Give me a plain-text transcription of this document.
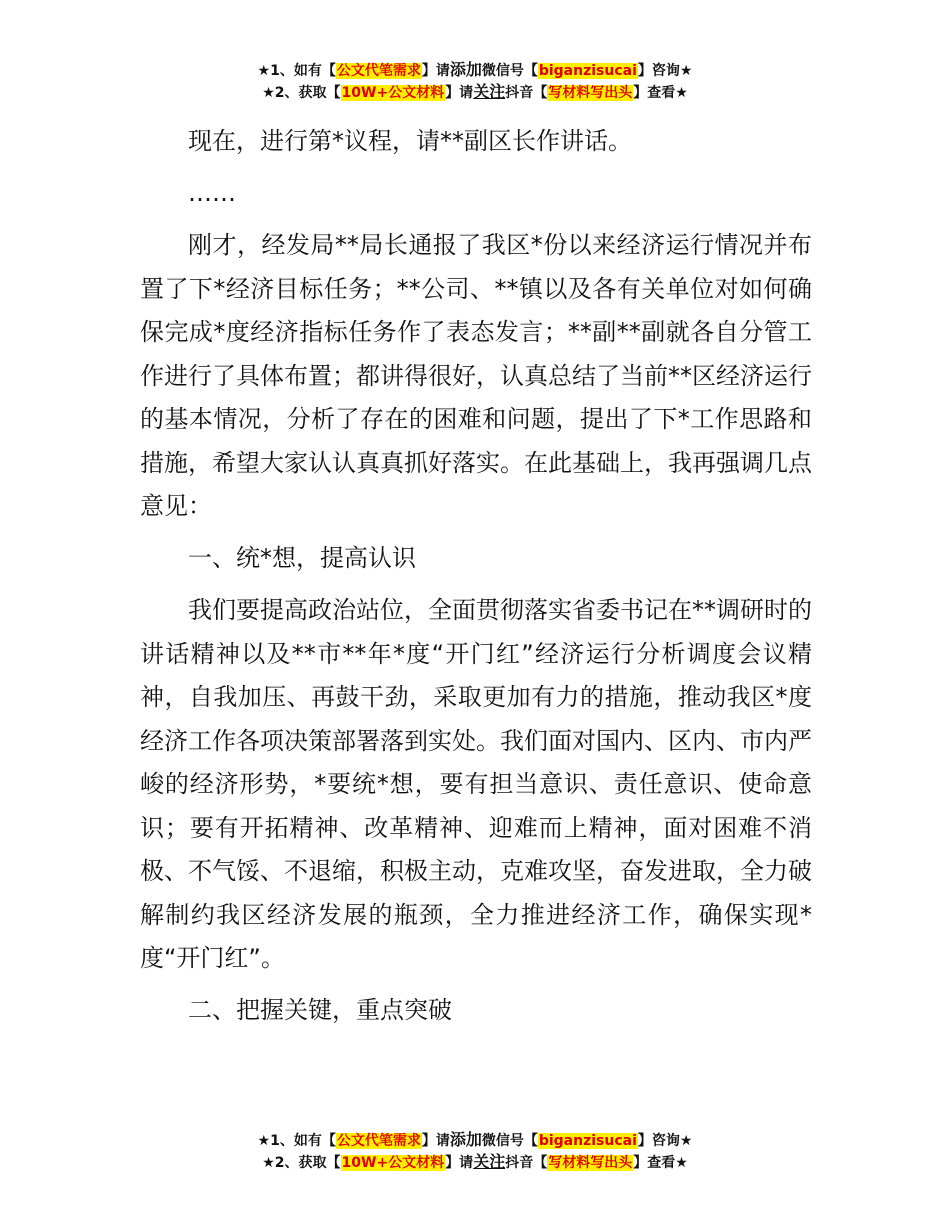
★1、如有【公文代笔需求】请添加微信号【biganzisucai】咨询★
★2、获取【10W+公文材料】请关注抖音【写材料写出头】查看★

现在，进行第*议程，请**副区长作讲话。

……

刚才，经发局**局长通报了我区*份以来经济运行情况并布置了下*经济目标任务；**公司、**镇以及各有关单位对如何确保完成*度经济指标任务作了表态发言；**副**副就各自分管工作进行了具体布置；都讲得很好，认真总结了当前**区经济运行的基本情况，分析了存在的困难和问题，提出了下*工作思路和措施，希望大家认认真真抓好落实。在此基础上，我再强调几点意见：

一、统*想，提高认识

我们要提高政治站位，全面贯彻落实省委书记在**调研时的讲话精神以及**市**年*度“开门红”经济运行分析调度会议精神，自我加压、再鼓干劲，采取更加有力的措施，推动我区*度经济工作各项决策部署落到实处。我们面对国内、区内、市内严峻的经济形势，*要统*想，要有担当意识、责任意识、使命意识；要有开拓精神、改革精神、迎难而上精神，面对困难不消极、不气馁、不退缩，积极主动，克难攻坚，奋发进取，全力破解制约我区经济发展的瓶颈，全力推进经济工作，确保实现*度“开门红”。

二、把握关键，重点突破

★1、如有【公文代笔需求】请添加微信号【biganzisucai】咨询★
★2、获取【10W+公文材料】请关注抖音【写材料写出头】查看★
